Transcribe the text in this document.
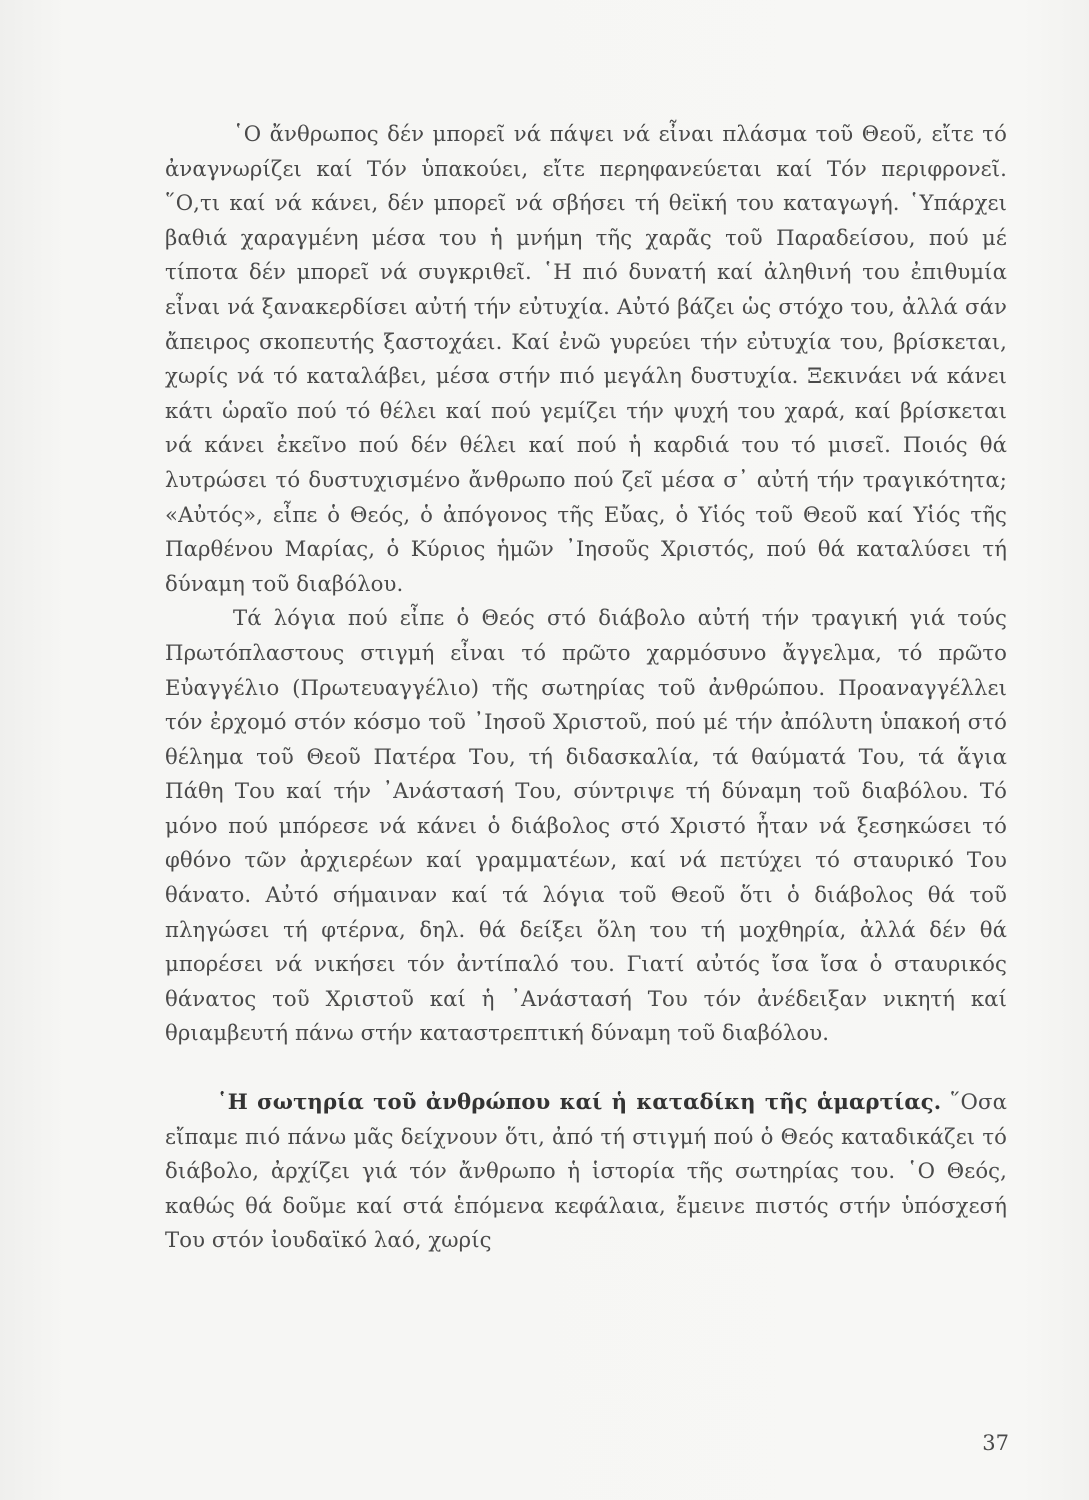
῾Ο ἄνθρωπος δέν μπορεῖ νά πάψει νά εἶναι πλάσμα τοῦ Θεοῦ, εἴτε τό ἀναγνωρίζει καί Τόν ὑπακούει, εἴτε περηφανεύεται καί Τόν περιφρονεῖ. ῞Ο,τι καί νά κάνει, δέν μπορεῖ νά σβήσει τή θεϊκή του καταγωγή. ῾Υπάρχει βαθιά χαραγμένη μέσα του ἡ μνήμη τῆς χαρᾶς τοῦ Παραδείσου, πού μέ τίποτα δέν μπορεῖ νά συγκριθεῖ. ῾Η πιό δυνατή καί ἀληθινή του ἐπιθυμία εἶναι νά ξανακερδίσει αὐτή τήν εὐτυχία. Αὐτό βάζει ὡς στόχο του, ἀλλά σάν ἄπειρος σκοπευτής ξαστοχάει. Καί ἐνῶ γυρεύει τήν εὐτυχία του, βρίσκεται, χωρίς νά τό καταλάβει, μέσα στήν πιό μεγάλη δυστυχία. Ξεκινάει νά κάνει κάτι ὡραῖο πού τό θέλει καί πού γεμίζει τήν ψυχή του χαρά, καί βρίσκεται νά κάνει ἐκεῖνο πού δέν θέλει καί πού ἡ καρδιά του τό μισεῖ. Ποιός θά λυτρώσει τό δυστυχισμένο ἄνθρωπο πού ζεῖ μέσα σ᾽ αὐτή τήν τραγικότητα; «Αὐτός», εἶπε ὁ Θεός, ὁ ἀπόγονος τῆς Εὔας, ὁ Υἱός τοῦ Θεοῦ καί Υἱός τῆς Παρθένου Μαρίας, ὁ Κύριος ἡμῶν ᾿Ιησοῦς Χριστός, πού θά καταλύσει τή δύναμη τοῦ διαβόλου.

Τά λόγια πού εἶπε ὁ Θεός στό διάβολο αὐτή τήν τραγική γιά τούς Πρωτόπλαστους στιγμή εἶναι τό πρῶτο χαρμόσυνο ἄγγελμα, τό πρῶτο Εὐαγγέλιο (Πρωτευαγγέλιο) τῆς σωτηρίας τοῦ ἀνθρώπου. Προαναγγέλλει τόν ἐρχομό στόν κόσμο τοῦ ᾿Ιησοῦ Χριστοῦ, πού μέ τήν ἀπόλυτη ὑπακοή στό θέλημα τοῦ Θεοῦ Πατέρα Του, τή διδασκαλία, τά θαύματά Του, τά ἅγια Πάθη Του καί τήν ᾿Ανάστασή Του, σύντριψε τή δύναμη τοῦ διαβόλου. Τό μόνο πού μπόρεσε νά κάνει ὁ διάβολος στό Χριστό ἦταν νά ξεσηκώσει τό φθόνο τῶν ἀρχιερέων καί γραμματέων, καί νά πετύχει τό σταυρικό Του θάνατο. Αὐτό σήμαιναν καί τά λόγια τοῦ Θεοῦ ὅτι ὁ διάβολος θά τοῦ πληγώσει τή φτέρνα, δηλ. θά δείξει ὅλη του τή μοχθηρία, ἀλλά δέν θά μπορέσει νά νικήσει τόν ἀντίπαλό του. Γιατί αὐτός ἴσα ἴσα ὁ σταυρικός θάνατος τοῦ Χριστοῦ καί ἡ ᾿Ανάστασή Του τόν ἀνέδειξαν νικητή καί θριαμβευτή πάνω στήν καταστρεπτική δύναμη τοῦ διαβόλου.

῾Η σωτηρία τοῦ ἀνθρώπου καί ἡ καταδίκη τῆς ἁμαρτίας. ῞Οσα εἴπαμε πιό πάνω μᾶς δείχνουν ὅτι, ἀπό τή στιγμή πού ὁ Θεός καταδικάζει τό διάβολο, ἀρχίζει γιά τόν ἄνθρωπο ἡ ἱστορία τῆς σωτηρίας του. ῾Ο Θεός, καθώς θά δοῦμε καί στά ἑπόμενα κεφάλαια, ἔμεινε πιστός στήν ὑπόσχεσή Του στόν ἰουδαϊκό λαό, χωρίς

37
